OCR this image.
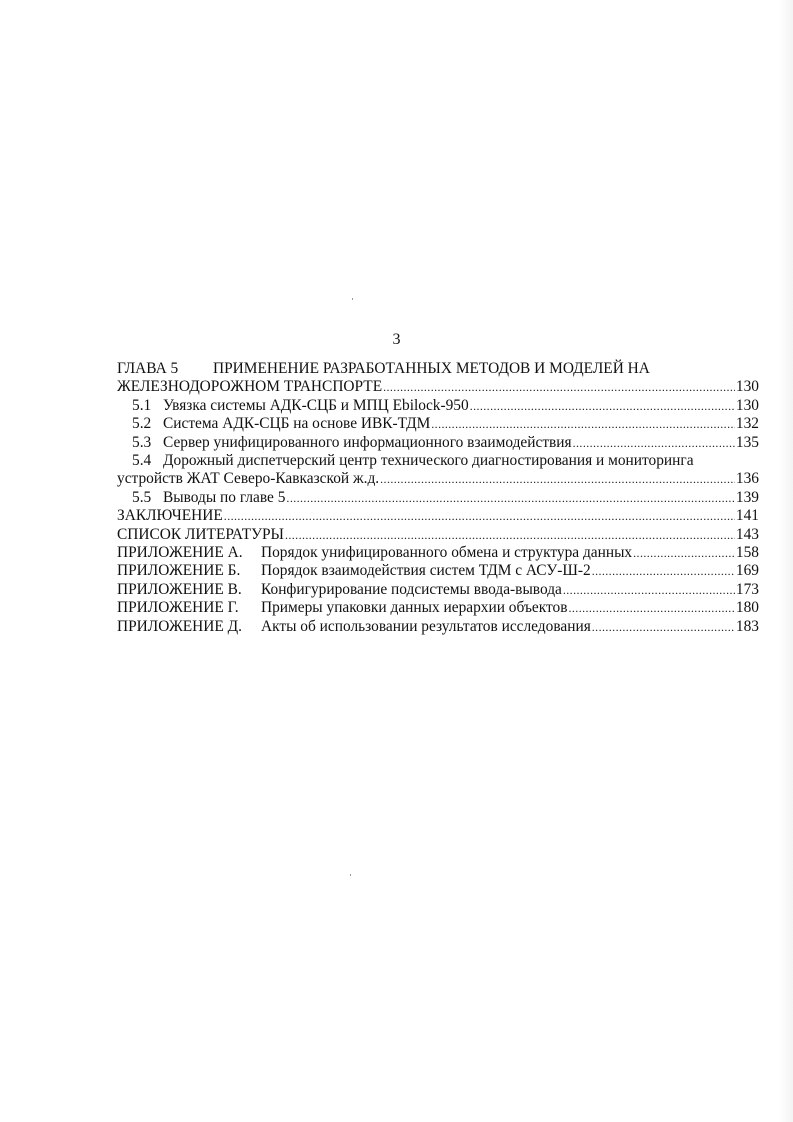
3
ГЛАВА 5 ПРИМЕНЕНИЕ РАЗРАБОТАННЫХ МЕТОДОВ И МОДЕЛЕЙ НА
ЖЕЛЕЗНОДОРОЖНОМ ТРАНСПОРТЕ .....	130
5.1 Увязка системы АДК-СЦБ и МПЦ Ebilock-950 .....	130
5.2 Система АДК-СЦБ на основе ИВК-ТДМ .....	132
5.3 Сервер унифицированного информационного взаимодействия .....	135
5.4 Дорожный диспетчерский центр технического диагностирования и мониторинга
устройств ЖАТ Северо-Кавказской ж.д. .....	136
5.5 Выводы по главе 5 .....	139
ЗАКЛЮЧЕНИЕ .....	141
СПИСОК ЛИТЕРАТУРЫ .....	143
ПРИЛОЖЕНИЕ А.	Порядок унифицированного обмена и структура данных .....	158
ПРИЛОЖЕНИЕ Б.	Порядок взаимодействия систем ТДМ с АСУ-Ш-2 .....	169
ПРИЛОЖЕНИЕ В.	Конфигурирование подсистемы ввода-вывода .....	173
ПРИЛОЖЕНИЕ Г.	Примеры упаковки данных иерархии объектов .....	180
ПРИЛОЖЕНИЕ Д.	Акты об использовании результатов исследования .....	183
